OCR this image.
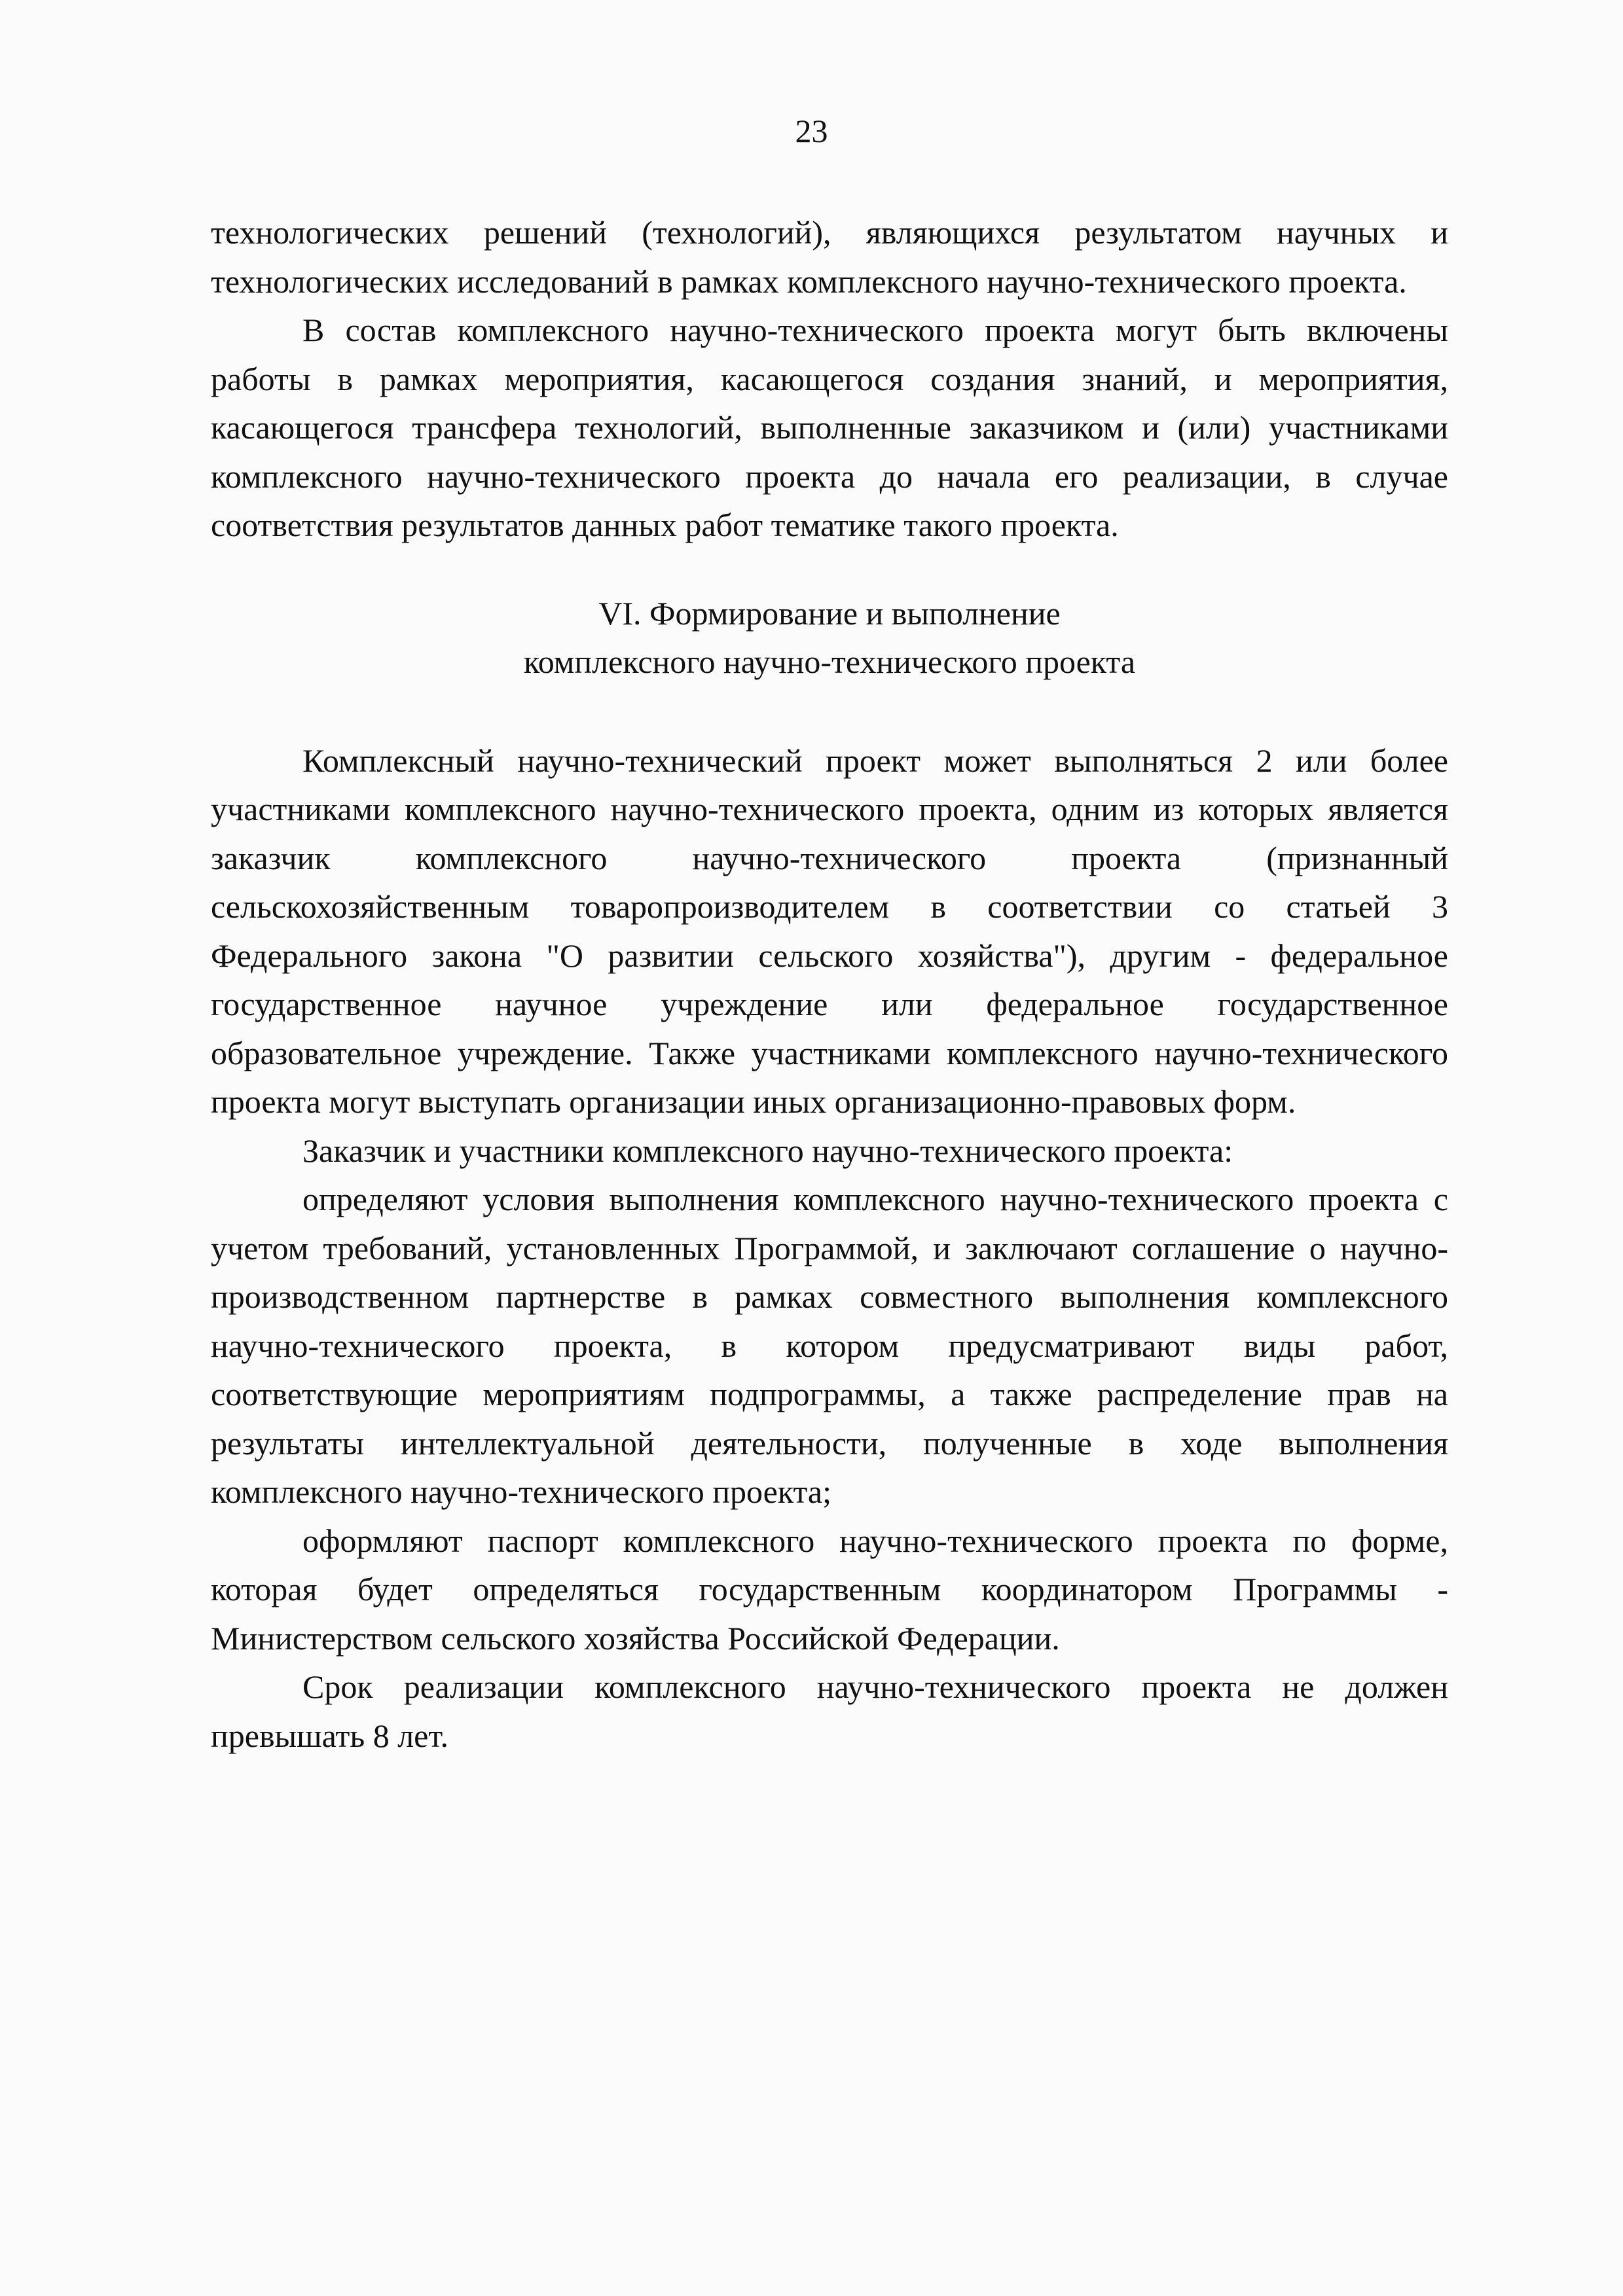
23

технологических решений (технологий), являющихся результатом научных и технологических исследований в рамках комплексного научно-технического проекта.

В состав комплексного научно-технического проекта могут быть включены работы в рамках мероприятия, касающегося создания знаний, и мероприятия, касающегося трансфера технологий, выполненные заказчиком и (или) участниками комплексного научно-технического проекта до начала его реализации, в случае соответствия результатов данных работ тематике такого проекта.

VI. Формирование и выполнение
комплексного научно-технического проекта

Комплексный научно-технический проект может выполняться 2 или более участниками комплексного научно-технического проекта, одним из которых является заказчик комплексного научно-технического проекта (признанный сельскохозяйственным товаропроизводителем в соответствии со статьей 3 Федерального закона "О развитии сельского хозяйства"), другим - федеральное государственное научное учреждение или федеральное государственное образовательное учреждение. Также участниками комплексного научно-технического проекта могут выступать организации иных организационно-правовых форм.

Заказчик и участники комплексного научно-технического проекта:

определяют условия выполнения комплексного научно-технического проекта с учетом требований, установленных Программой, и заключают соглашение о научно-производственном партнерстве в рамках совместного выполнения комплексного научно-технического проекта, в котором предусматривают виды работ, соответствующие мероприятиям подпрограммы, а также распределение прав на результаты интеллектуальной деятельности, полученные в ходе выполнения комплексного научно-технического проекта;

оформляют паспорт комплексного научно-технического проекта по форме, которая будет определяться государственным координатором Программы - Министерством сельского хозяйства Российской Федерации.

Срок реализации комплексного научно-технического проекта не должен превышать 8 лет.
